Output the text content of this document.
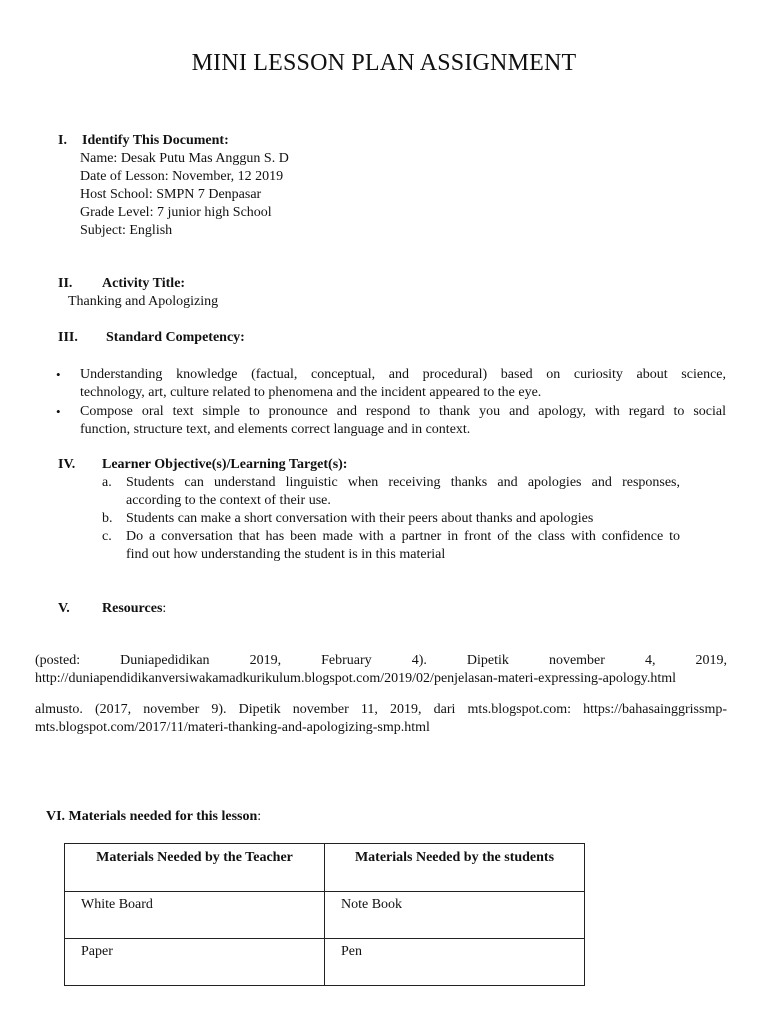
MINI LESSON PLAN ASSIGNMENT
I. Identify This Document:
Name: Desak Putu Mas Anggun S. D
Date of Lesson: November, 12 2019
Host School: SMPN 7 Denpasar
Grade Level: 7 junior high School
Subject: English
II. Activity Title:
Thanking and Apologizing
III. Standard Competency:
• Understanding knowledge (factual, conceptual, and procedural) based on curiosity about science,
technology, art, culture related to phenomena and the incident appeared to the eye.
• Compose oral text simple to pronounce and respond to thank you and apology, with regard to social
function, structure text, and elements correct language and in context.
IV. Learner Objective(s)/Learning Target(s):
a. Students can understand linguistic when receiving thanks and apologies and responses,
according to the context of their use.
b. Students can make a short conversation with their peers about thanks and apologies
c. Do a conversation that has been made with a partner in front of the class with confidence to
find out how understanding the student is in this material
V. Resources:
(posted: Duniapedidikan 2019, February 4). Dipetik november 4, 2019,
http://duniapendidikanversiwakamadkurikulum.blogspot.com/2019/02/penjelasan-materi-expressing-apology.html
almusto. (2017, november 9). Dipetik november 11, 2019, dari mts.blogspot.com: https://bahasainggrissmp-
mts.blogspot.com/2017/11/materi-thanking-and-apologizing-smp.html
VI. Materials needed for this lesson:
Materials Needed by the Teacher	Materials Needed by the students
White Board	Note Book
Paper	Pen
